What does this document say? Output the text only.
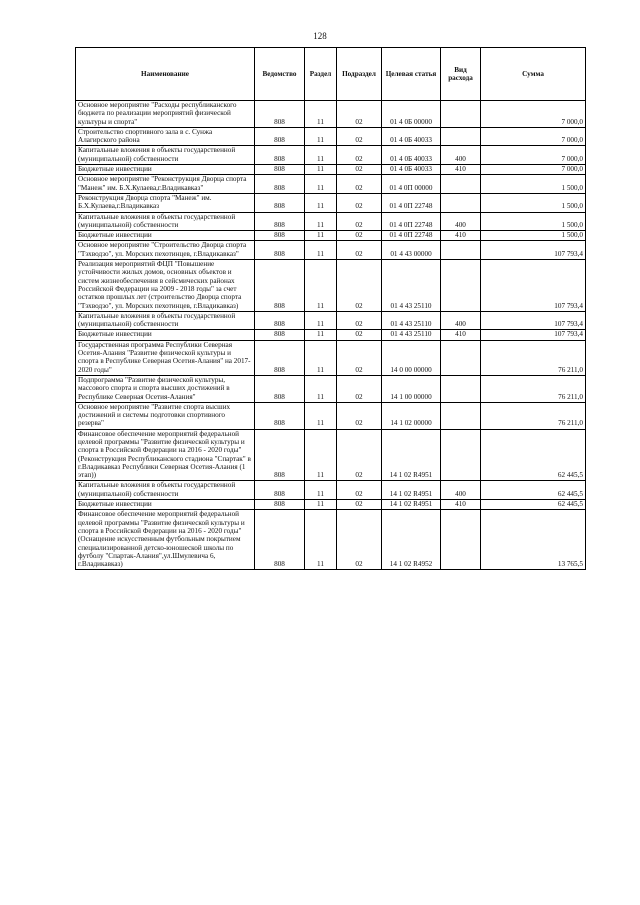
128
Наименование	Ведомство	Раздел	Подраздел	Целевая статья	Вид расхода	Сумма
Основное мероприятие "Расходы республиканского бюджета по реализации мероприятий физической культуры и спорта"	808	11	02	01 4 0Б 00000		7 000,0
Строительство спортивного зала в с. Сунжа Алагирского района	808	11	02	01 4 0Б 40033		7 000,0
Капитальные вложения в объекты государственной (муниципальной) собственности	808	11	02	01 4 0Б 40033	400	7 000,0
Бюджетные инвестиции	808	11	02	01 4 0Б 40033	410	7 000,0
Основное мероприятие "Реконструкция Дворца спорта "Манеж" им. Б.Х.Кулаева,г.Владикавказ"	808	11	02	01 4 0П 00000		1 500,0
Реконструкция Дворца спорта "Манеж" им. Б.Х.Кулаева,г.Владикавказ	808	11	02	01 4 0П 22748		1 500,0
Капитальные вложения в объекты государственной (муниципальной) собственности	808	11	02	01 4 0П 22748	400	1 500,0
Бюджетные инвестиции	808	11	02	01 4 0П 22748	410	1 500,0
Основное мероприятие "Строительство Дворца спорта "Тэхводзо", ул. Морских пехотинцев, г.Владикавказ"	808	11	02	01 4 43 00000		107 793,4
Реализация мероприятий ФЦП "Повышение устойчивости жилых домов, основных объектов и систем жизнеобеспечения в сейсмических районах Российской Федерации на 2009 - 2018 годы" за счет остатков прошлых лет (строительство Дворца спорта "Тэхводзо", ул. Морских пехотинцев, г.Владикавказ)	808	11	02	01 4 43 25110		107 793,4
Капитальные вложения в объекты государственной (муниципальной) собственности	808	11	02	01 4 43 25110	400	107 793,4
Бюджетные инвестиции	808	11	02	01 4 43 25110	410	107 793,4
Государственная программа Республики Северная Осетия-Алания "Развитие физической культуры и спорта в Республике Северная Осетия-Алания" на 2017-2020 годы"	808	11	02	14 0 00 00000		76 211,0
Подпрограмма "Развитие физической культуры, массового спорта и спорта высших достижений в Республике Северная Осетия-Алания"	808	11	02	14 1 00 00000		76 211,0
Основное мероприятие "Развитие спорта высших достижений и системы подготовки спортивного резерва"	808	11	02	14 1 02 00000		76 211,0
Финансовое обеспечение мероприятий федеральной целевой программы "Развитие физической культуры и спорта в Российской Федерации на 2016 - 2020 годы" (Реконструкция Республиканского стадиона "Спартак" в г.Владикавказ Республики Северная Осетия-Алания (1 этап))	808	11	02	14 1 02 R4951		62 445,5
Капитальные вложения в объекты государственной (муниципальной) собственности	808	11	02	14 1 02 R4951	400	62 445,5
Бюджетные инвестиции	808	11	02	14 1 02 R4951	410	62 445,5
Финансовое обеспечение мероприятий федеральной целевой программы "Развитие физической культуры и спорта в Российской Федерации на 2016 - 2020 годы" (Оснащение искусственным футбольным покрытием специализированной детско-юношеской школы по футболу "Спартак-Алания",ул.Шмулевича 6, г.Владикавказ)	808	11	02	14 1 02 R4952		13 765,5
